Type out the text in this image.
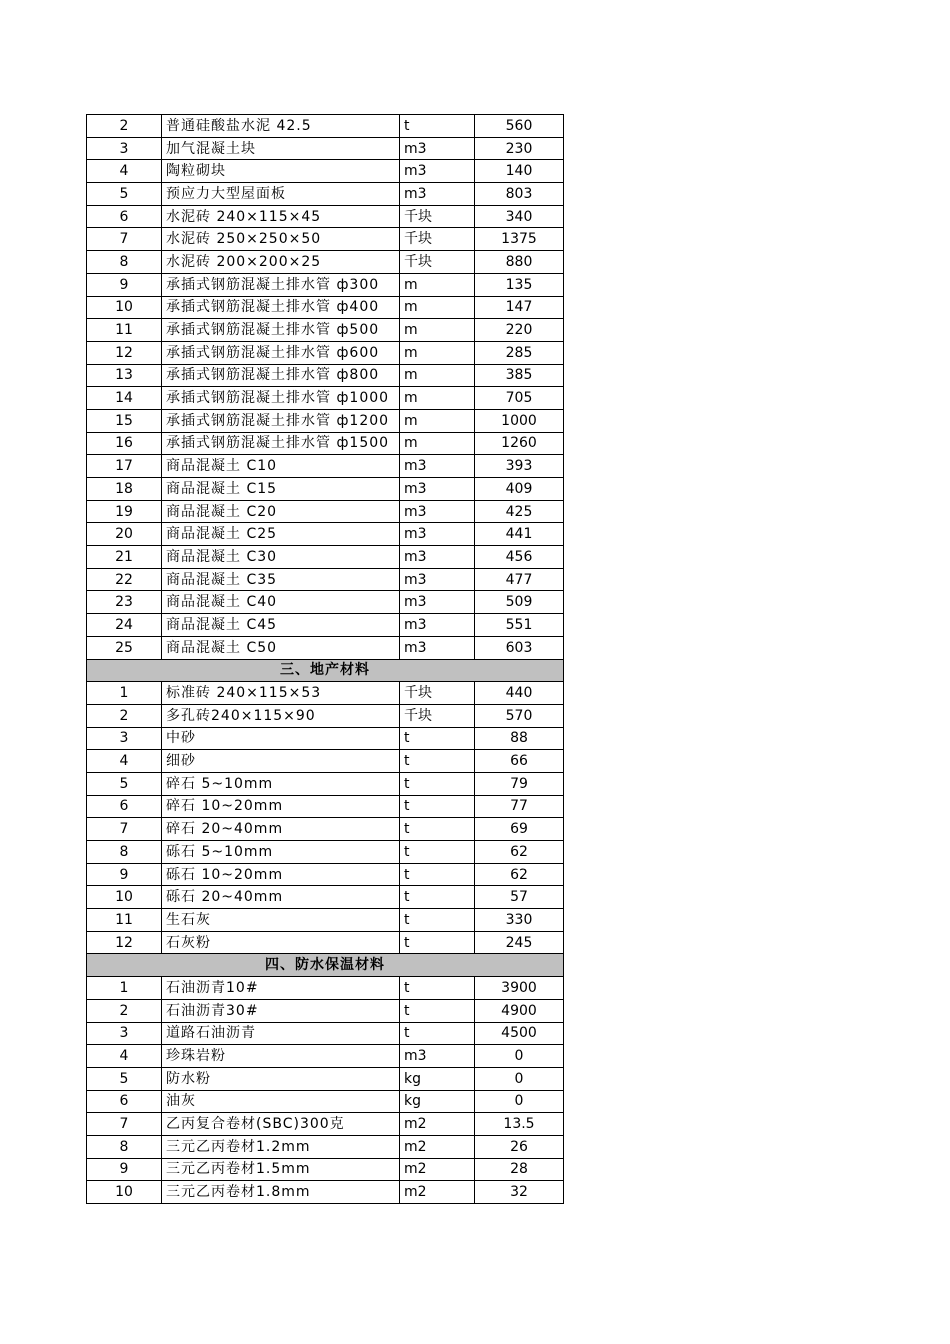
2	普通硅酸盐水泥 42.5	t	560
3	加气混凝土块	m3	230
4	陶粒砌块	m3	140
5	预应力大型屋面板	m3	803
6	水泥砖 240×115×45	千块	340
7	水泥砖 250×250×50	千块	1375
8	水泥砖 200×200×25	千块	880
9	承插式钢筋混凝土排水管 ф300	m	135
10	承插式钢筋混凝土排水管 ф400	m	147
11	承插式钢筋混凝土排水管 ф500	m	220
12	承插式钢筋混凝土排水管 ф600	m	285
13	承插式钢筋混凝土排水管 ф800	m	385
14	承插式钢筋混凝土排水管 ф1000	m	705
15	承插式钢筋混凝土排水管 ф1200	m	1000
16	承插式钢筋混凝土排水管 ф1500	m	1260
17	商品混凝土 C10	m3	393
18	商品混凝土 C15	m3	409
19	商品混凝土 C20	m3	425
20	商品混凝土 C25	m3	441
21	商品混凝土 C30	m3	456
22	商品混凝土 C35	m3	477
23	商品混凝土 C40	m3	509
24	商品混凝土 C45	m3	551
25	商品混凝土 C50	m3	603
三、地产材料			
1	标准砖 240×115×53	千块	440
2	多孔砖240×115×90	千块	570
3	中砂	t	88
4	细砂	t	66
5	碎石 5~10mm	t	79
6	碎石 10~20mm	t	77
7	碎石 20~40mm	t	69
8	砾石 5~10mm	t	62
9	砾石 10~20mm	t	62
10	砾石 20~40mm	t	57
11	生石灰	t	330
12	石灰粉	t	245
四、防水保温材料			
1	石油沥青10#	t	3900
2	石油沥青30#	t	4900
3	道路石油沥青	t	4500
4	珍珠岩粉	m3	0
5	防水粉	kg	0
6	油灰	kg	0
7	乙丙复合卷材(SBC)300克	m2	13.5
8	三元乙丙卷材1.2mm	m2	26
9	三元乙丙卷材1.5mm	m2	28
10	三元乙丙卷材1.8mm	m2	32
